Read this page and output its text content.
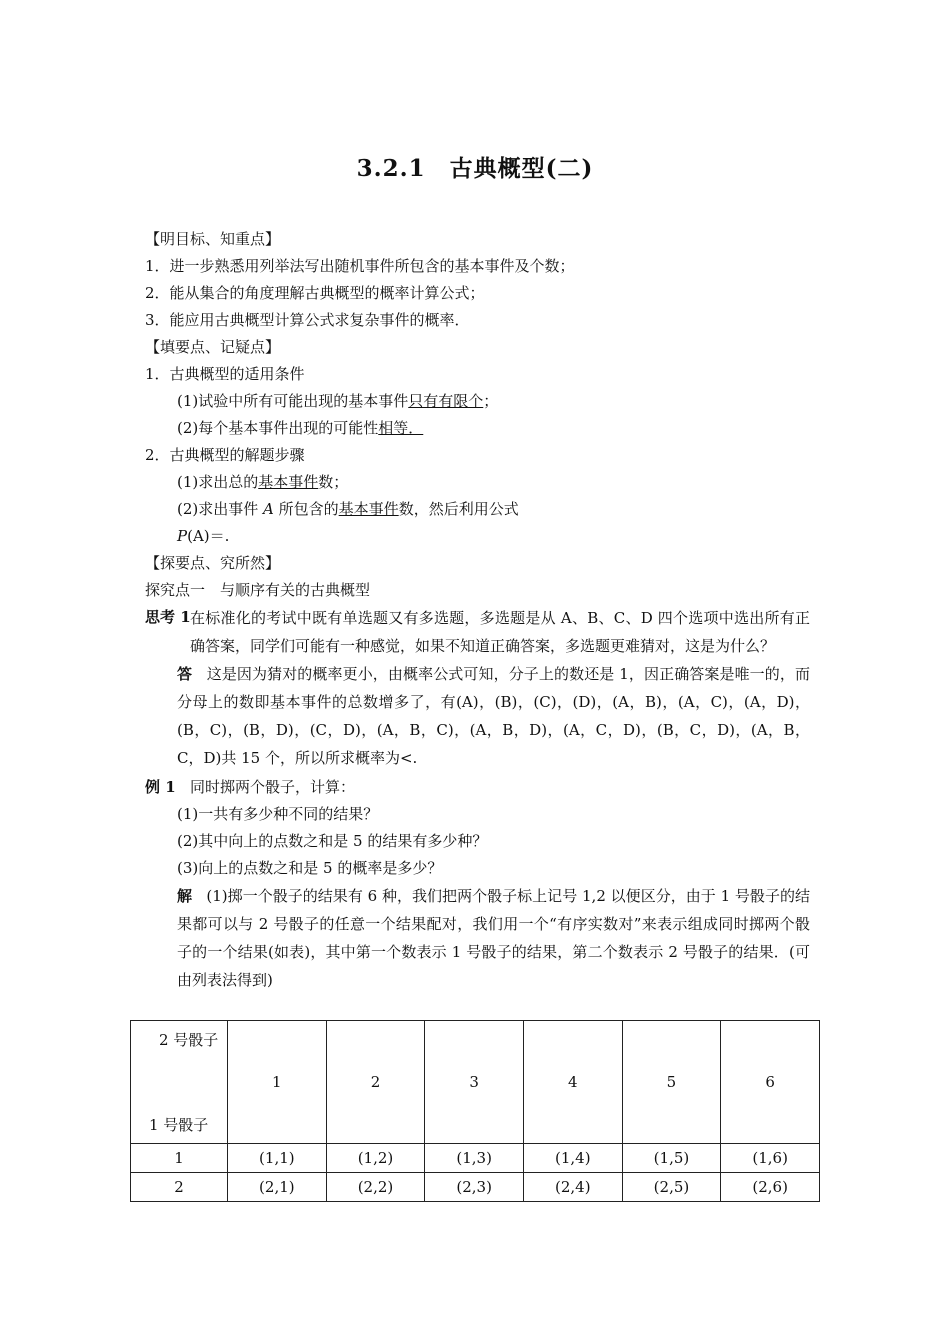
3.2.1　古典概型(二)
【明目标、知重点】
1．进一步熟悉用列举法写出随机事件所包含的基本事件及个数；
2．能从集合的角度理解古典概型的概率计算公式；
3．能应用古典概型计算公式求复杂事件的概率．
【填要点、记疑点】
1．古典概型的适用条件
(1)试验中所有可能出现的基本事件只有有限个；
(2)每个基本事件出现的可能性相等．
2．古典概型的解题步骤
(1)求出总的基本事件数；
(2)求出事件 A 所包含的基本事件数，然后利用公式
P(A)＝.
【探要点、究所然】
探究点一　与顺序有关的古典概型
思考 1 在标准化的考试中既有单选题又有多选题，多选题是从 A、B、C、D 四个选项中选出所有正确答案，同学们可能有一种感觉，如果不知道正确答案，多选题更难猜对，这是为什么？
答 这是因为猜对的概率更小，由概率公式可知，分子上的数还是 1，因正确答案是唯一的，而分母上的数即基本事件的总数增多了，有(A)，(B)，(C)，(D)，(A，B)，(A，C)，(A，D)，(B，C)，(B，D)，(C，D)，(A，B，C)，(A，B，D)，(A，C，D)，(B，C，D)，(A，B，C，D)共 15 个，所以所求概率为<.
例 1 同时掷两个骰子，计算：
(1)一共有多少种不同的结果？
(2)其中向上的点数之和是 5 的结果有多少种？
(3)向上的点数之和是 5 的概率是多少？
解 (1)掷一个骰子的结果有 6 种，我们把两个骰子标上记号 1,2 以便区分，由于 1 号骰子的结果都可以与 2 号骰子的任意一个结果配对，我们用一个“有序实数对”来表示组成同时掷两个骰子的一个结果(如表)，其中第一个数表示 1 号骰子的结果，第二个数表示 2 号骰子的结果．(可由列表法得到)
2 号骰子
1 号骰子	1	2	3	4	5	6
1	(1,1)	(1,2)	(1,3)	(1,4)	(1,5)	(1,6)
2	(2,1)	(2,2)	(2,3)	(2,4)	(2,5)	(2,6)
